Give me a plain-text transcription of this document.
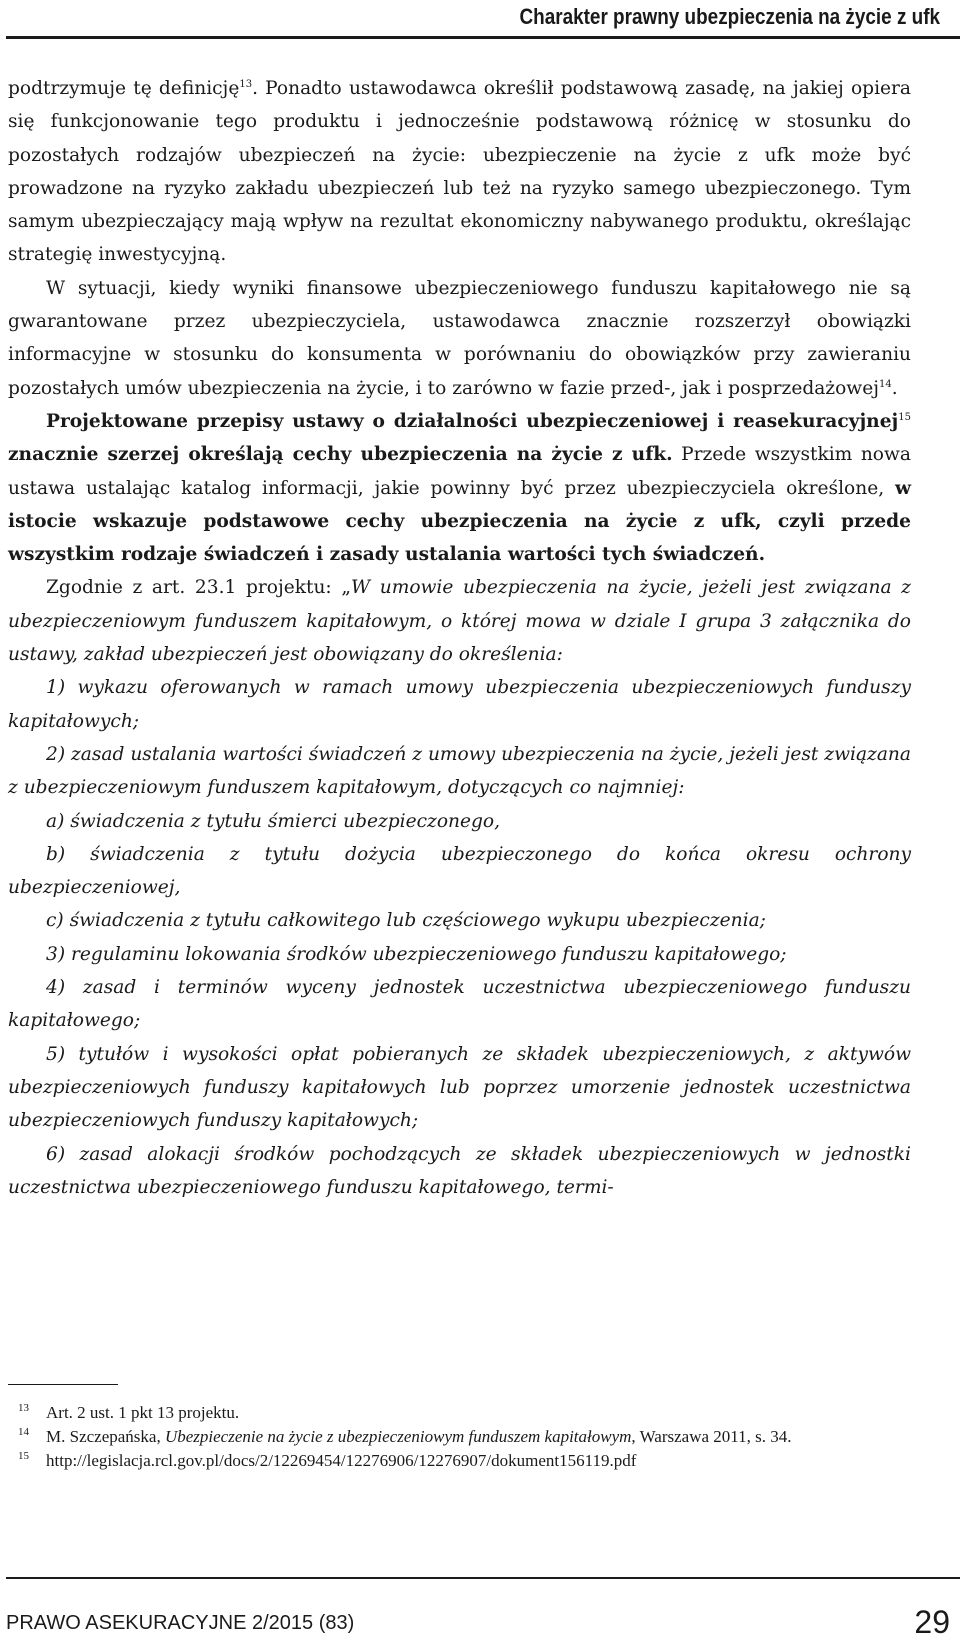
Charakter prawny ubezpieczenia na życie z ufk

podtrzymuje tę definicję$^{13}$. Ponadto ustawodawca określił podstawową zasadę, na jakiej opiera się funkcjonowanie tego produktu i jednocześnie podstawową różnicę w stosunku do pozostałych rodzajów ubezpieczeń na życie: ubezpieczenie na życie z ufk może być prowadzone na ryzyko zakładu ubezpieczeń lub też na ryzyko samego ubezpieczonego. Tym samym ubezpieczający mają wpływ na rezultat ekonomiczny nabywanego produktu, określając strategię inwestycyjną.

W sytuacji, kiedy wyniki finansowe ubezpieczeniowego funduszu kapitałowego nie są gwarantowane przez ubezpieczyciela, ustawodawca znacznie rozszerzył obowiązki informacyjne w stosunku do konsumenta w porównaniu do obowiązków przy zawieraniu pozostałych umów ubezpieczenia na życie, i to zarówno w fazie przed-, jak i posprzedażowej$^{14}$.

Projektowane przepisy ustawy o działalności ubezpieczeniowej i reasekuracyjnej$^{15}$ znacznie szerzej określają cechy ubezpieczenia na życie z ufk. Przede wszystkim nowa ustawa ustalając katalog informacji, jakie powinny być przez ubezpieczyciela określone, w istocie wskazuje podstawowe cechy ubezpieczenia na życie z ufk, czyli przede wszystkim rodzaje świadczeń i zasady ustalania wartości tych świadczeń.

Zgodnie z art. 23.1 projektu: „W umowie ubezpieczenia na życie, jeżeli jest związana z ubezpieczeniowym funduszem kapitałowym, o której mowa w dziale I grupa 3 załącznika do ustawy, zakład ubezpieczeń jest obowiązany do określenia:

1) wykazu oferowanych w ramach umowy ubezpieczenia ubezpieczeniowych funduszy kapitałowych;

2) zasad ustalania wartości świadczeń z umowy ubezpieczenia na życie, jeżeli jest związana z ubezpieczeniowym funduszem kapitałowym, dotyczących co najmniej:

a) świadczenia z tytułu śmierci ubezpieczonego,

b) świadczenia z tytułu dożycia ubezpieczonego do końca okresu ochrony ubezpieczeniowej,

c) świadczenia z tytułu całkowitego lub częściowego wykupu ubezpieczenia;

3) regulaminu lokowania środków ubezpieczeniowego funduszu kapitałowego;

4) zasad i terminów wyceny jednostek uczestnictwa ubezpieczeniowego funduszu kapitałowego;

5) tytułów i wysokości opłat pobieranych ze składek ubezpieczeniowych, z aktywów ubezpieczeniowych funduszy kapitałowych lub poprzez umorzenie jednostek uczestnictwa ubezpieczeniowych funduszy kapitałowych;

6) zasad alokacji środków pochodzących ze składek ubezpieczeniowych w jednostki uczestnictwa ubezpieczeniowego funduszu kapitałowego, termi-

13 Art. 2 ust. 1 pkt 13 projektu.

14 M. Szczepańska, Ubezpieczenie na życie z ubezpieczeniowym funduszem kapitałowym, Warszawa 2011, s. 34.

15 http://legislacja.rcl.gov.pl/docs/2/12269454/12276906/12276907/dokument156119.pdf

PRAWO ASEKURACYJNE 2/2015 (83)	29
